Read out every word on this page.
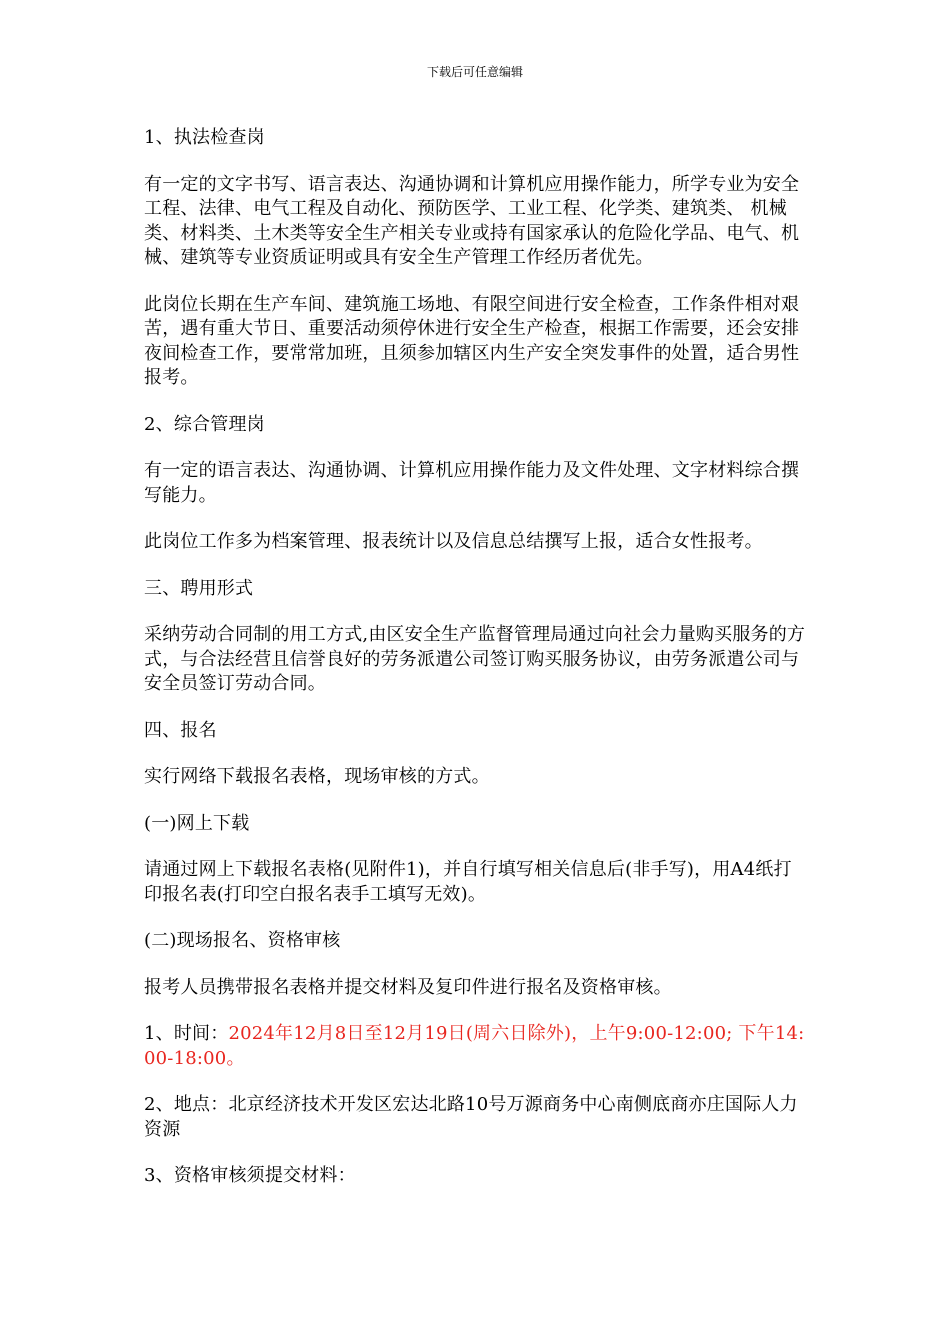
下载后可任意编辑

1、执法检查岗

有一定的文字书写、语言表达、沟通协调和计算机应用操作能力，所学专业为安全工程、法律、电气工程及自动化、预防医学、工业工程、化学类、建筑类、 机械类、材料类、土木类等安全生产相关专业或持有国家承认的危险化学品、电气、机械、建筑等专业资质证明或具有安全生产管理工作经历者优先。

此岗位长期在生产车间、建筑施工场地、有限空间进行安全检查，工作条件相对艰苦，遇有重大节日、重要活动须停休进行安全生产检查，根据工作需要，还会安排夜间检查工作，要常常加班，且须参加辖区内生产安全突发事件的处置，适合男性报考。

2、综合管理岗

有一定的语言表达、沟通协调、计算机应用操作能力及文件处理、文字材料综合撰写能力。

此岗位工作多为档案管理、报表统计以及信息总结撰写上报，适合女性报考。

三、聘用形式

采纳劳动合同制的用工方式,由区安全生产监督管理局通过向社会力量购买服务的方式，与合法经营且信誉良好的劳务派遣公司签订购买服务协议，由劳务派遣公司与安全员签订劳动合同。

四、报名

实行网络下载报名表格，现场审核的方式。

(一)网上下载

请通过网上下载报名表格(见附件1)，并自行填写相关信息后(非手写)，用A4纸打印报名表(打印空白报名表手工填写无效)。

(二)现场报名、资格审核

报考人员携带报名表格并提交材料及复印件进行报名及资格审核。

1、时间：2024年12月8日至12月19日(周六日除外)，上午9:00-12:00; 下午14:00-18:00。

2、地点：北京经济技术开发区宏达北路10号万源商务中心南侧底商亦庄国际人力资源

3、资格审核须提交材料：
